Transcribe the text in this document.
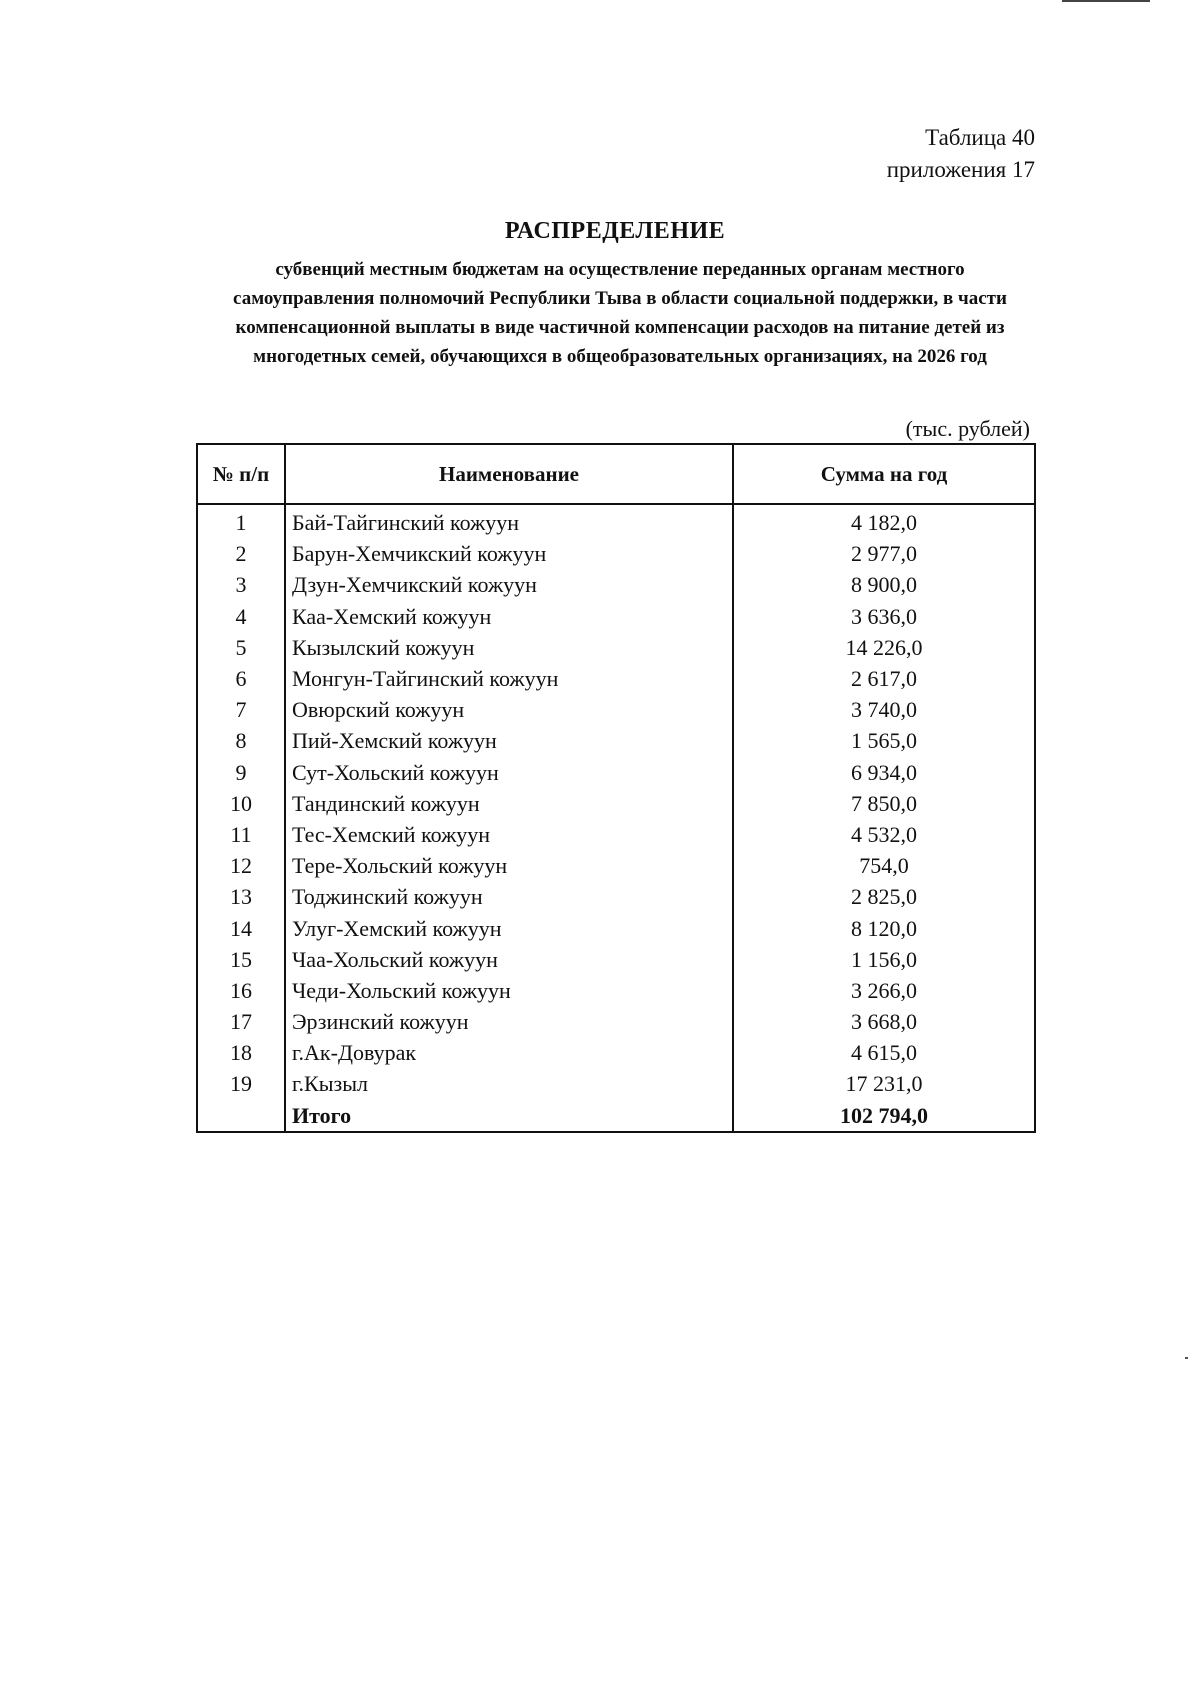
Таблица 40
приложения 17
РАСПРЕДЕЛЕНИЕ
субвенций местным бюджетам на осуществление переданных органам местного самоуправления полномочий Республики Тыва в области социальной поддержки, в части компенсационной выплаты в виде частичной компенсации расходов на питание детей из многодетных семей, обучающихся в общеобразовательных организациях, на 2026 год
(тыс. рублей)
№ п/п	Наименование	Сумма на год
1	Бай-Тайгинский кожуун	4 182,0
2	Барун-Хемчикский кожуун	2 977,0
3	Дзун-Хемчикский кожуун	8 900,0
4	Каа-Хемский кожуун	3 636,0
5	Кызылский кожуун	14 226,0
6	Монгун-Тайгинский кожуун	2 617,0
7	Овюрский кожуун	3 740,0
8	Пий-Хемский кожуун	1 565,0
9	Сут-Хольский кожуун	6 934,0
10	Тандинский кожуун	7 850,0
11	Тес-Хемский кожуун	4 532,0
12	Тере-Хольский кожуун	754,0
13	Тоджинский кожуун	2 825,0
14	Улуг-Хемский кожуун	8 120,0
15	Чаа-Хольский кожуун	1 156,0
16	Чеди-Хольский кожуун	3 266,0
17	Эрзинский кожуун	3 668,0
18	г.Ак-Довурак	4 615,0
19	г.Кызыл	17 231,0
	Итого	102 794,0
